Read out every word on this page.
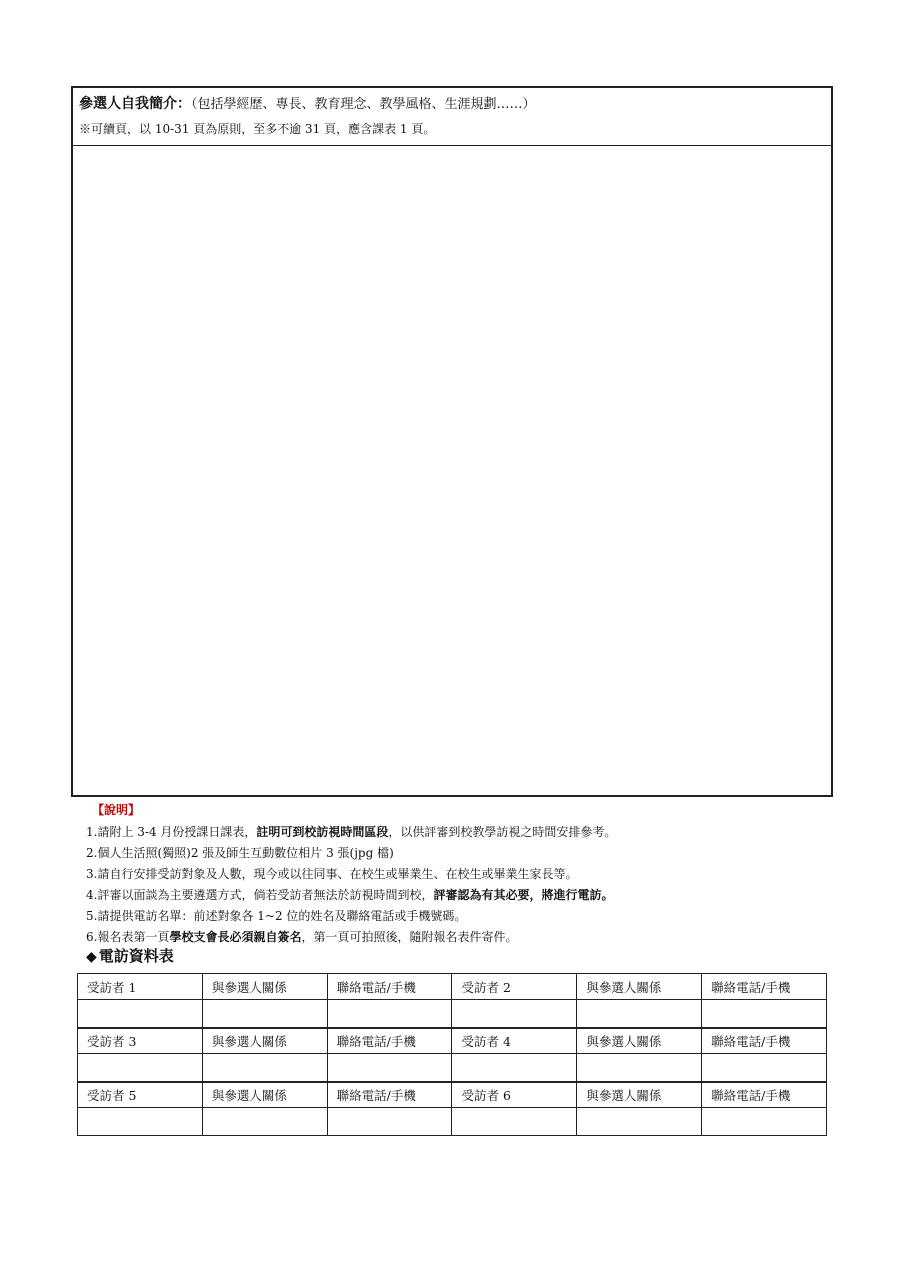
參選人自我簡介：（包括學經歷、專長、教育理念、教學風格、生涯規劃……）
※可續頁，以 10-31 頁為原則，至多不逾 31 頁，應含課表 1 頁。
【說明】
1.請附上 3-4 月份授課日課表，註明可到校訪視時間區段，以供評審到校教學訪視之時間安排參考。
2.個人生活照(獨照)2 張及師生互動數位相片 3 張(jpg 檔)
3.請自行安排受訪對象及人數，現今或以往同事、在校生或畢業生、在校生或畢業生家長等。
4.評審以面談為主要遴選方式，倘若受訪者無法於訪視時間到校，評審認為有其必要，將進行電訪。
5.請提供電訪名單：前述對象各 1~2 位的姓名及聯絡電話或手機號碼。
6.報名表第一頁學校支會長必須親自簽名，第一頁可拍照後，隨附報名表件寄件。
◆ 電訪資料表
受訪者 1	與參選人關係	聯絡電話/手機	受訪者 2	與參選人關係	聯絡電話/手機

受訪者 3	與參選人關係	聯絡電話/手機	受訪者 4	與參選人關係	聯絡電話/手機

受訪者 5	與參選人關係	聯絡電話/手機	受訪者 6	與參選人關係	聯絡電話/手機
